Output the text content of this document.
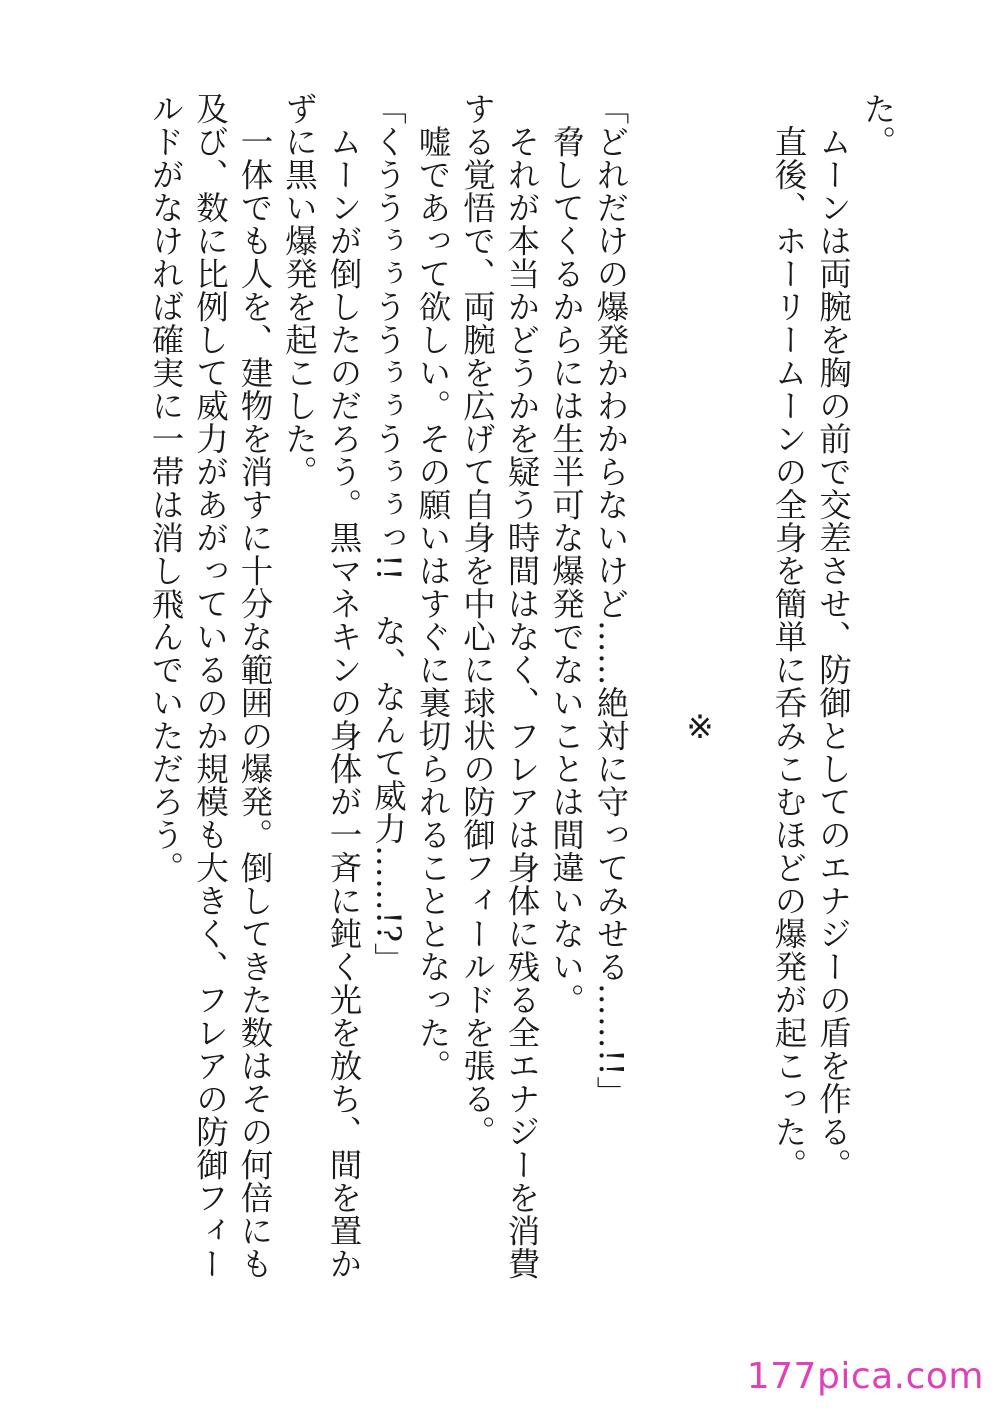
た。

　ムーンは両腕を胸の前で交差させ、防御としてのエナジーの盾を作る。

　直後、ホーリームーンの全身を簡単に呑みこむほどの爆発が起こった。

※

「どれだけの爆発かわからないけど……絶対に守ってみせる……!!」

　脅してくるからには生半可な爆発でないことは間違いない。

　それが本当かどうかを疑う時間はなく、フレアは身体に残る全エナジーを消費

する覚悟で、両腕を広げて自身を中心に球状の防御フィールドを張る。

　嘘であって欲しい。その願いはすぐに裏切られることとなった。

「くううぅぅううぅぅうぅぅっ!!　な、なんて威力……!?」

　ムーンが倒したのだろう。黒マネキンの身体が一斉に鈍く光を放ち、間を置か

ずに黒い爆発を起こした。

　一体でも人を、建物を消すに十分な範囲の爆発。倒してきた数はその何倍にも

及び、数に比例して威力があがっているのか規模も大きく、フレアの防御フィー

ルドがなければ確実に一帯は消し飛んでいただろう。

177pica.com
